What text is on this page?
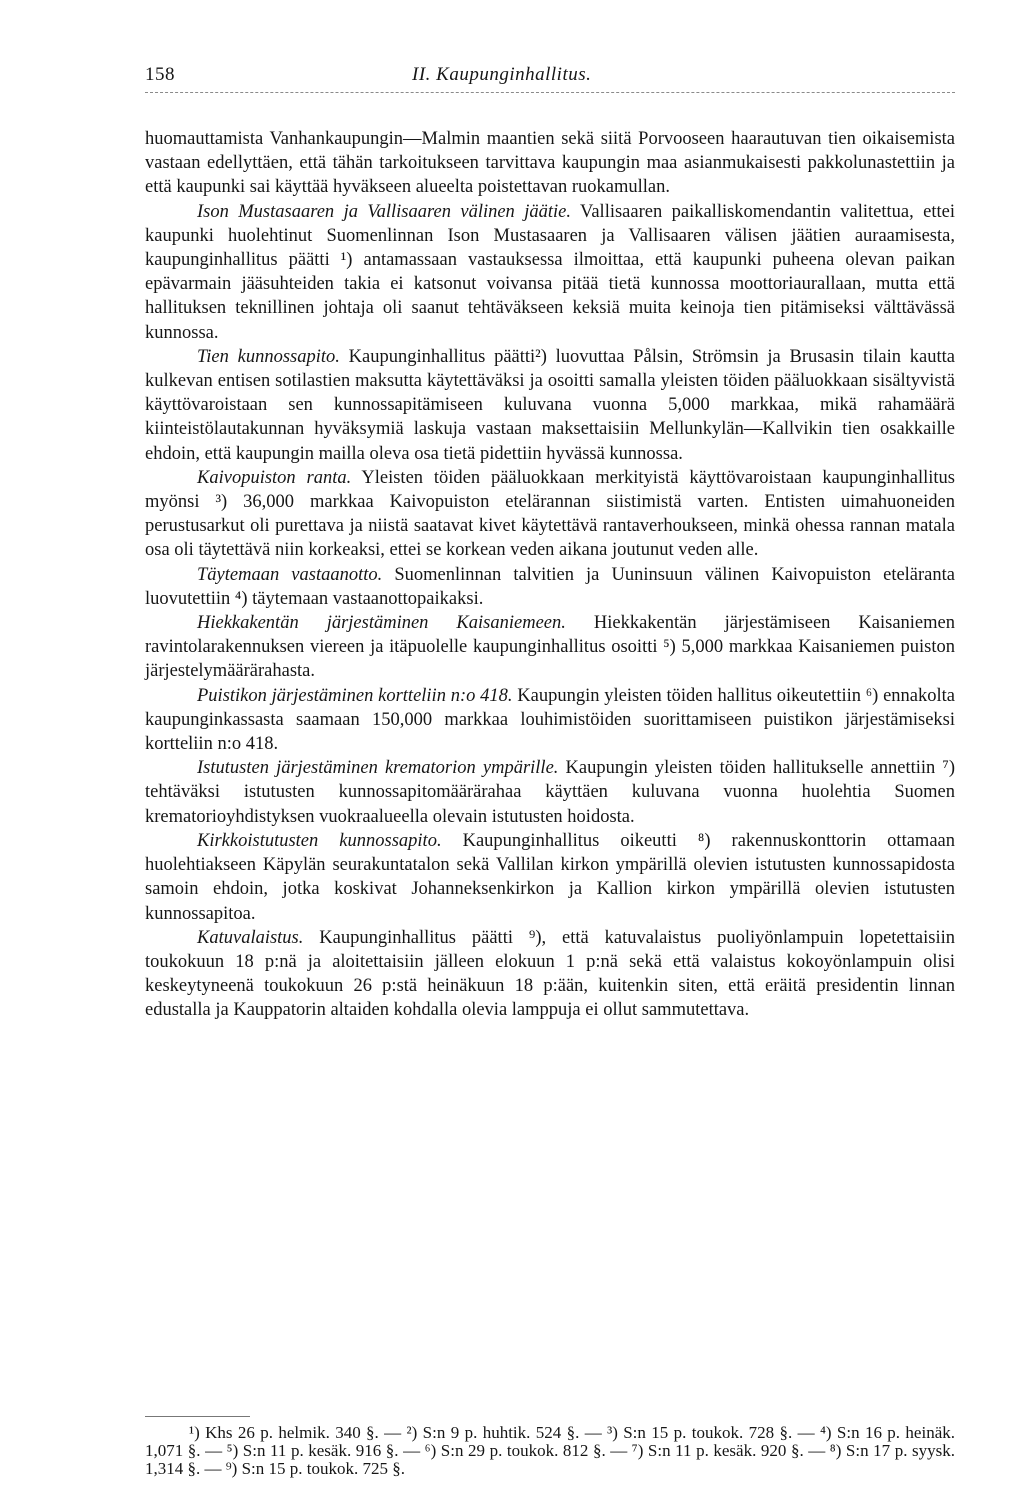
158	II. Kaupunginhallitus.

huomauttamista Vanhankaupungin—Malmin maantien sekä siitä Porvooseen haarautuvan tien oikaisemista vastaan edellyttäen, että tähän tarkoitukseen tarvittava kaupungin maa asianmukaisesti pakkolunastettiin ja että kaupunki sai käyttää hyväkseen alueelta poistettavan ruokamullan.

Ison Mustasaaren ja Vallisaaren välinen jäätie. Vallisaaren paikalliskomendantin valitettua, ettei kaupunki huolehtinut Suomenlinnan Ison Mustasaaren ja Vallisaaren välisen jäätien auraamisesta, kaupunginhallitus päätti ¹) antamassaan vastauksessa ilmoittaa, että kaupunki puheena olevan paikan epävarmain jääsuhteiden takia ei katsonut voivansa pitää tietä kunnossa moottoriaurallaan, mutta että hallituksen teknillinen johtaja oli saanut tehtäväkseen keksiä muita keinoja tien pitämiseksi välttävässä kunnossa.

Tien kunnossapito. Kaupunginhallitus päätti²) luovuttaa Pålsin, Strömsin ja Brusasin tilain kautta kulkevan entisen sotilastien maksutta käytettäväksi ja osoitti samalla yleisten töiden pääluokkaan sisältyvistä käyttövaroistaan sen kunnossapitämiseen kuluvana vuonna 5,000 markkaa, mikä rahamäärä kiinteistölautakunnan hyväksymiä laskuja vastaan maksettaisiin Mellunkylän—Kallvikin tien osakkaille ehdoin, että kaupungin mailla oleva osa tietä pidettiin hyvässä kunnossa.

Kaivopuiston ranta. Yleisten töiden pääluokkaan merkityistä käyttövaroistaan kaupunginhallitus myönsi ³) 36,000 markkaa Kaivopuiston etelärannan siistimistä varten. Entisten uimahuoneiden perustusarkut oli purettava ja niistä saatavat kivet käytettävä rantaverhoukseen, minkä ohessa rannan matala osa oli täytettävä niin korkeaksi, ettei se korkean veden aikana joutunut veden alle.

Täytemaan vastaanotto. Suomenlinnan talvitien ja Uuninsuun välinen Kaivopuiston eteläranta luovutettiin ⁴) täytemaan vastaanottopaikaksi.

Hiekkakentän järjestäminen Kaisaniemeen. Hiekkakentän järjestämiseen Kaisaniemen ravintolarakennuksen viereen ja itäpuolelle kaupunginhallitus osoitti ⁵) 5,000 markkaa Kaisaniemen puiston järjestelymäärärahasta.

Puistikon järjestäminen kortteliin n:o 418. Kaupungin yleisten töiden hallitus oikeutettiin ⁶) ennakolta kaupunginkassasta saamaan 150,000 markkaa louhimistöiden suorittamiseen puistikon järjestämiseksi kortteliin n:o 418.

Istutusten järjestäminen krematorion ympärille. Kaupungin yleisten töiden hallitukselle annettiin ⁷) tehtäväksi istutusten kunnossapitomäärärahaa käyttäen kuluvana vuonna huolehtia Suomen krematorioyhdistyksen vuokraalueella olevain istutusten hoidosta.

Kirkkoistutusten kunnossapito. Kaupunginhallitus oikeutti ⁸) rakennuskonttorin ottamaan huolehtiakseen Käpylän seurakuntatalon sekä Vallilan kirkon ympärillä olevien istutusten kunnossapidosta samoin ehdoin, jotka koskivat Johanneksenkirkon ja Kallion kirkon ympärillä olevien istutusten kunnossapitoa.

Katuvalaistus. Kaupunginhallitus päätti ⁹), että katuvalaistus puoliyönlampuin lopetettaisiin toukokuun 18 p:nä ja aloitettaisiin jälleen elokuun 1 p:nä sekä että valaistus kokoyönlampuin olisi keskeytyneenä toukokuun 26 p:stä heinäkuun 18 p:ään, kuitenkin siten, että eräitä presidentin linnan edustalla ja Kauppatorin altaiden kohdalla olevia lamppuja ei ollut sammutettava.

¹) Khs 26 p. helmik. 340 §. — ²) S:n 9 p. huhtik. 524 §. — ³) S:n 15 p. toukok. 728 §. — ⁴) S:n 16 p. heinäk. 1,071 §. — ⁵) S:n 11 p. kesäk. 916 §. — ⁶) S:n 29 p. toukok. 812 §. — ⁷) S:n 11 p. kesäk. 920 §. — ⁸) S:n 17 p. syysk. 1,314 §. — ⁹) S:n 15 p. toukok. 725 §.
